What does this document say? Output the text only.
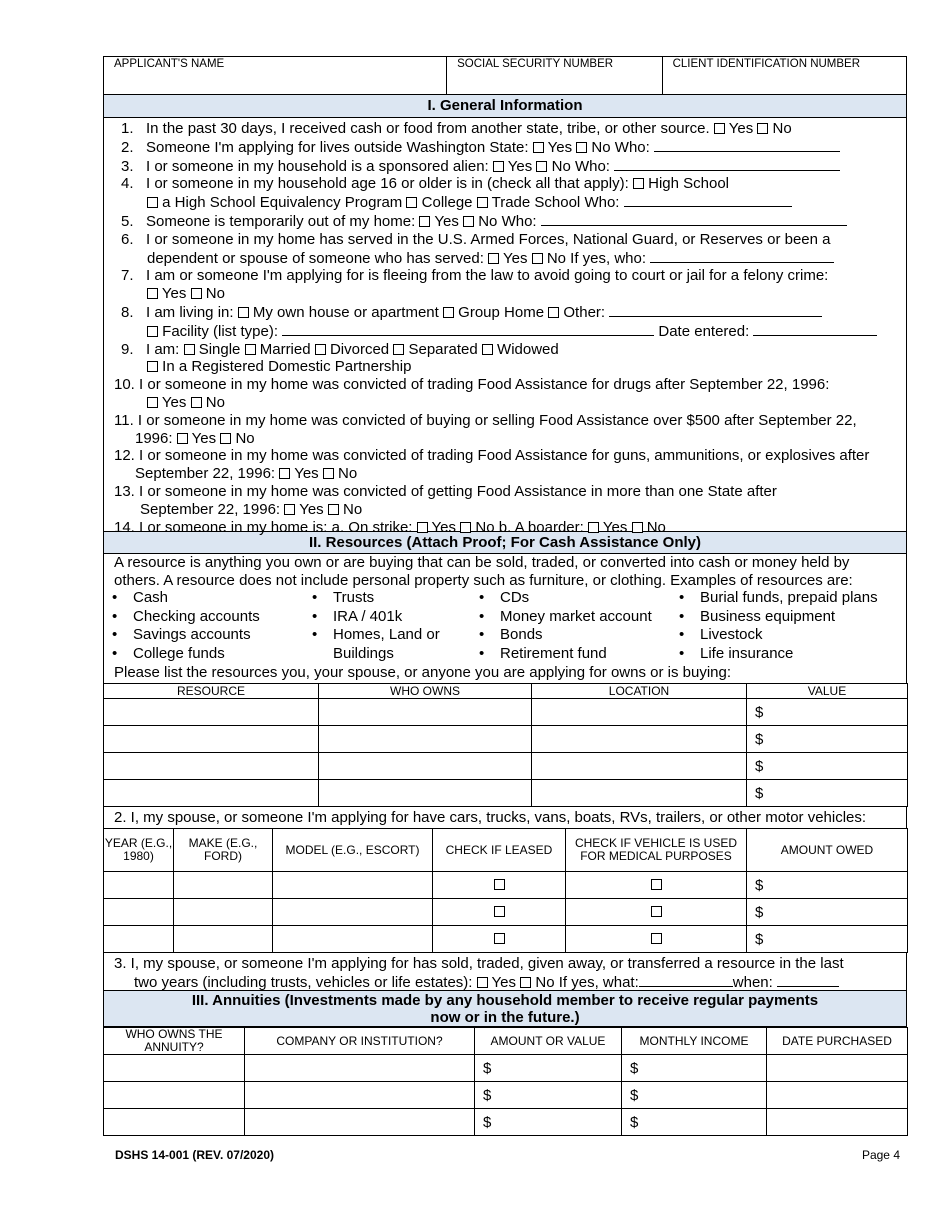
APPLICANT'S NAME	SOCIAL SECURITY NUMBER	CLIENT IDENTIFICATION NUMBER
I. General Information
1. In the past 30 days, I received cash or food from another state, tribe, or other source. Yes No
2. Someone I'm applying for lives outside Washington State: Yes No Who:
3. I or someone in my household is a sponsored alien: Yes No Who:
4. I or someone in my household age 16 or older is in (check all that apply): High School
a High School Equivalency Program College Trade School Who:
5. Someone is temporarily out of my home: Yes No Who:
6. I or someone in my home has served in the U.S. Armed Forces, National Guard, or Reserves or been a
dependent or spouse of someone who has served: Yes No If yes, who:
7. I am or someone I'm applying for is fleeing from the law to avoid going to court or jail for a felony crime:
Yes No
8. I am living in: My own house or apartment Group Home Other:
Facility (list type):	Date entered:
9. I am: Single Married Divorced Separated Widowed
In a Registered Domestic Partnership
10. I or someone in my home was convicted of trading Food Assistance for drugs after September 22, 1996:
Yes No
11. I or someone in my home was convicted of buying or selling Food Assistance over $500 after September 22,
1996: Yes No
12. I or someone in my home was convicted of trading Food Assistance for guns, ammunitions, or explosives after
September 22, 1996: Yes No
13. I or someone in my home was convicted of getting Food Assistance in more than one State after
September 22, 1996: Yes No
14. I or someone in my home is: a. On strike: Yes No b. A boarder: Yes No
II. Resources (Attach Proof; For Cash Assistance Only)
A resource is anything you own or are buying that can be sold, traded, or converted into cash or money held by
others. A resource does not include personal property such as furniture, or clothing. Examples of resources are:
• Cash
• Checking accounts
• Savings accounts
• College funds
• Trusts
• IRA / 401k
• Homes, Land or
Buildings
• CDs
• Money market account
• Bonds
• Retirement fund
• Burial funds, prepaid plans
• Business equipment
• Livestock
• Life insurance
Please list the resources you, your spouse, or anyone you are applying for owns or is buying:
RESOURCE	WHO OWNS	LOCATION	VALUE
			$
			$
			$
			$
2. I, my spouse, or someone I'm applying for have cars, trucks, vans, boats, RVs, trailers, or other motor vehicles:
YEAR (E.G., 1980)	MAKE (E.G., FORD)	MODEL (E.G., ESCORT)	CHECK IF LEASED	CHECK IF VEHICLE IS USED FOR MEDICAL PURPOSES	AMOUNT OWED
					$
					$
					$
3. I, my spouse, or someone I'm applying for has sold, traded, given away, or transferred a resource in the last
two years (including trusts, vehicles or life estates): Yes No If yes, what:	when:
III. Annuities (Investments made by any household member to receive regular payments
now or in the future.)
WHO OWNS THE ANNUITY?	COMPANY OR INSTITUTION?	AMOUNT OR VALUE	MONTHLY INCOME	DATE PURCHASED
		$	$	
		$	$	
		$	$	
DSHS 14-001 (REV. 07/2020)	Page 4
